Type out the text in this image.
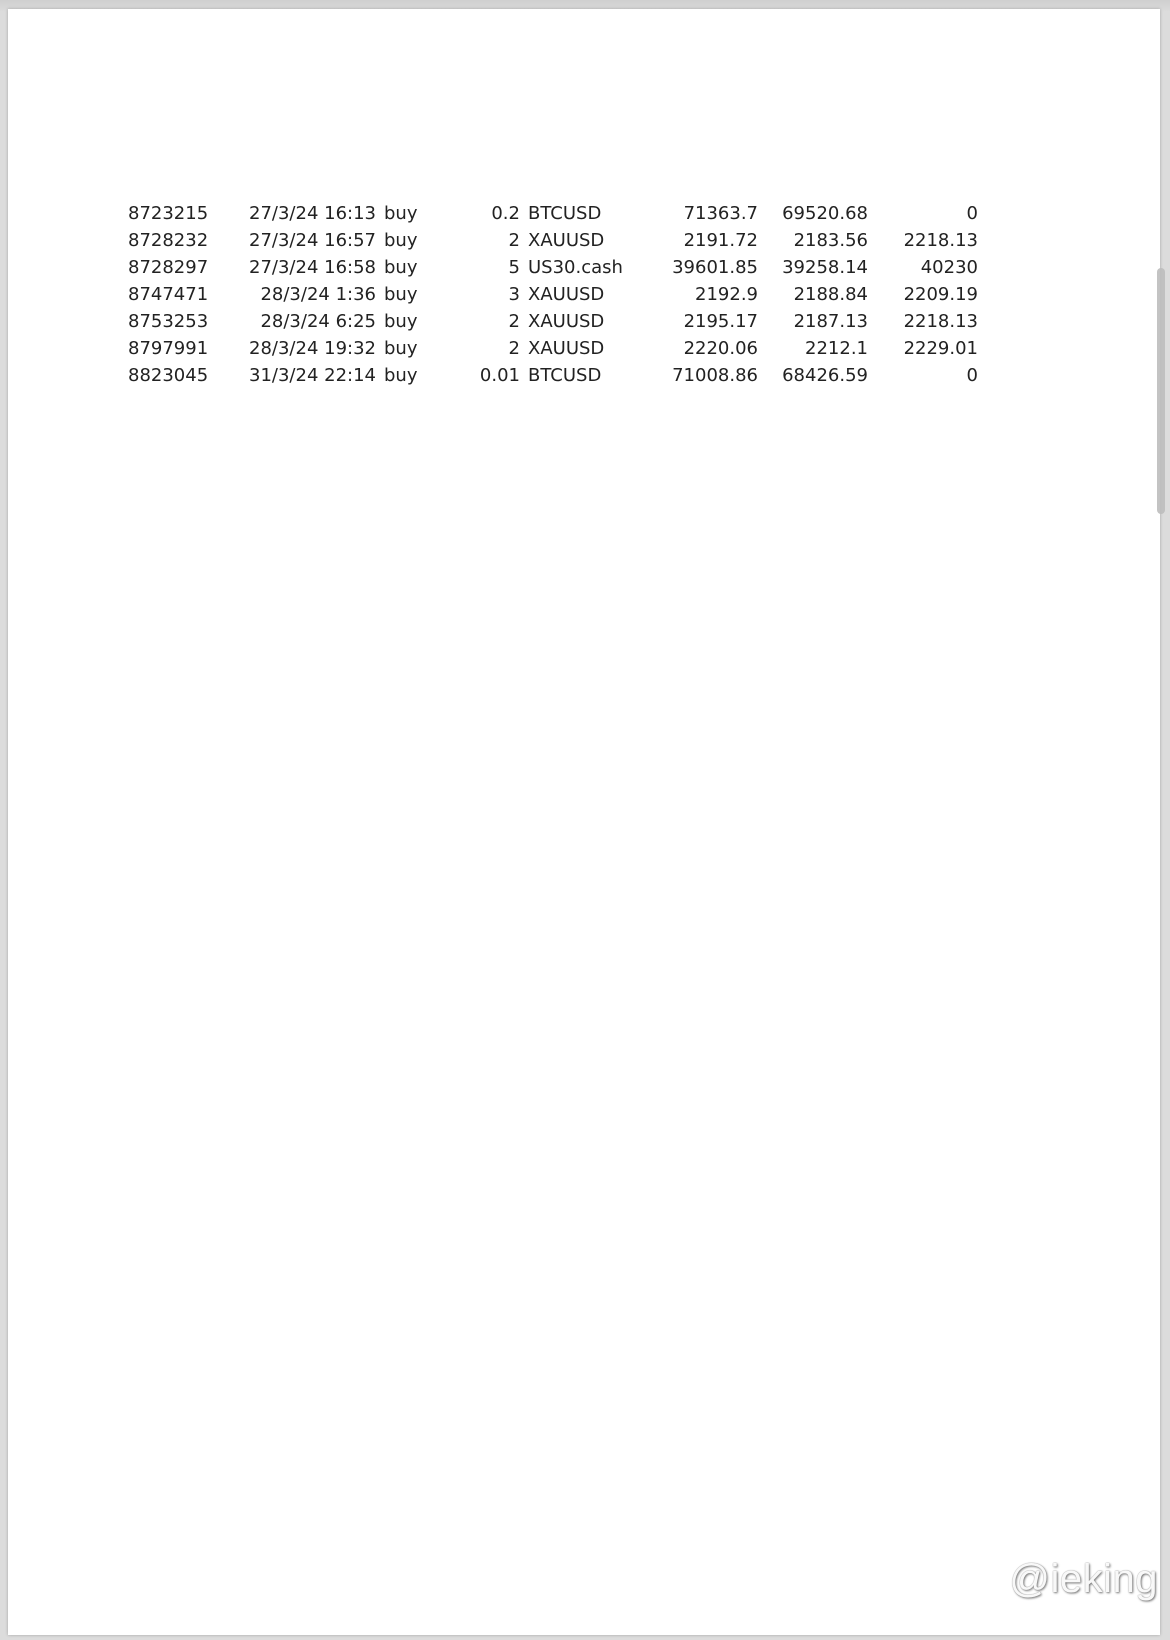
8723215 27/3/24 16:13 buy	0.2 BTCUSD	71363.7 69520.68	0
8728232 27/3/24 16:57 buy	2 XAUUSD	2191.72 2183.56 2218.13
8728297 27/3/24 16:58 buy	5 US30.cash	39601.85 39258.14	40230
8747471	28/3/24 1:36 buy	3 XAUUSD	2192.9 2188.84 2209.19
8753253	28/3/24 6:25 buy	2 XAUUSD	2195.17 2187.13 2218.13
8797991 28/3/24 19:32 buy	2 XAUUSD	2220.06	2212.1 2229.01
8823045 31/3/24 22:14 buy	0.01 BTCUSD	71008.86 68426.59	0
@ieking
